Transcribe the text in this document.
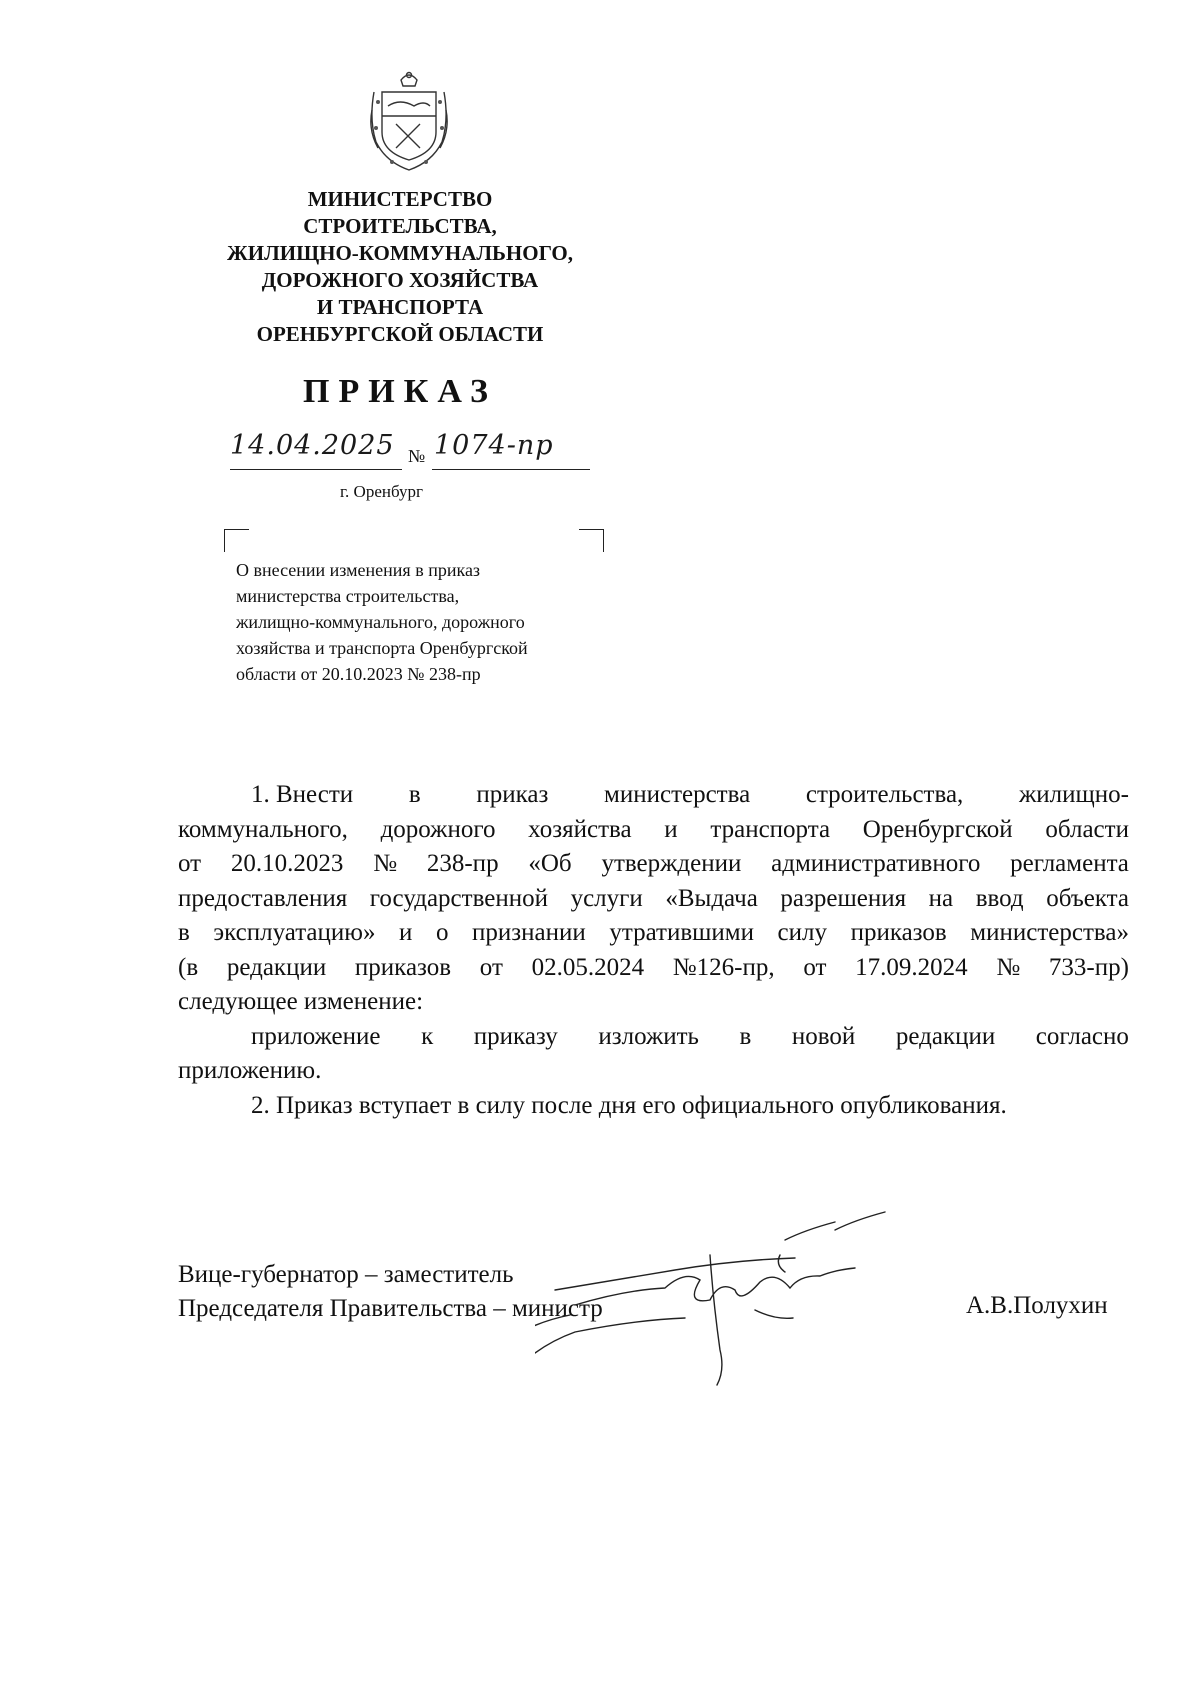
МИНИСТЕРСТВО
СТРОИТЕЛЬСТВА,
ЖИЛИЩНО-КОММУНАЛЬНОГО,
ДОРОЖНОГО ХОЗЯЙСТВА
И ТРАНСПОРТА
ОРЕНБУРГСКОЙ ОБЛАСТИ
ПРИКАЗ
14.04.2025 № 1074-пр
г. Оренбург
О внесении изменения в приказ
министерства строительства,
жилищно-коммунального, дорожного
хозяйства и транспорта Оренбургской
области от 20.10.2023 № 238-пр
1. Внести в приказ министерства строительства, жилищно-
коммунального, дорожного хозяйства и транспорта Оренбургской области
от 20.10.2023 № 238-пр «Об утверждении административного регламента
предоставления государственной услуги «Выдача разрешения на ввод объекта
в эксплуатацию» и о признании утратившими силу приказов министерства»
(в редакции приказов от 02.05.2024 №126-пр, от 17.09.2024 № 733-пр)
следующее изменение:
приложение к приказу изложить в новой редакции согласно
приложению.
2. Приказ вступает в силу после дня его официального опубликования.
Вице-губернатор – заместитель
Председателя Правительства – министр	А.В.Полухин
